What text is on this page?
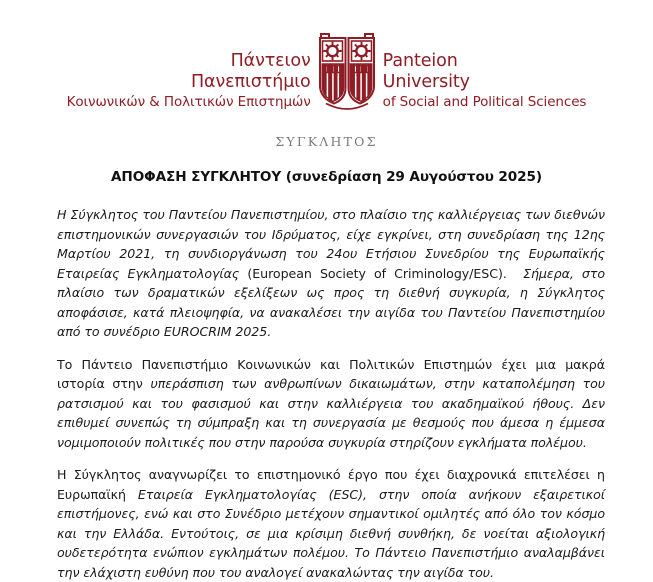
Πάντειον
Πανεπιστήμιο
Κοινωνικών & Πολιτικών Επιστημών
Panteion
University
of Social and Political Sciences
ΣΥΓΚΛΗΤΟΣ
ΑΠΟΦΑΣΗ ΣΥΓΚΛΗΤΟΥ (συνεδρίαση 29 Αυγούστου 2025)

Η Σύγκλητος του Παντείου Πανεπιστημίου, στο πλαίσιο της καλλιέργειας των διεθνών επιστημονικών συνεργασιών του Ιδρύματος, είχε εγκρίνει, στη συνεδρίαση της 12ης Μαρτίου 2021, τη συνδιοργάνωση του 24ου Ετήσιου Συνεδρίου της Ευρωπαϊκής Εταιρείας Εγκληματολογίας (European Society of Criminology/ESC). Σήμερα, στο πλαίσιο των δραματικών εξελίξεων ως προς τη διεθνή συγκυρία, η Σύγκλητος αποφάσισε, κατά πλειοψηφία, να ανακαλέσει την αιγίδα του Παντείου Πανεπιστημίου από το συνέδριο EUROCRIM 2025.

Το Πάντειο Πανεπιστήμιο Κοινωνικών και Πολιτικών Επιστημών έχει μια μακρά ιστορία στην υπεράσπιση των ανθρωπίνων δικαιωμάτων, στην καταπολέμηση του ρατσισμού και του φασισμού και στην καλλιέργεια του ακαδημαϊκού ήθους. Δεν επιθυμεί συνεπώς τη σύμπραξη και τη συνεργασία με θεσμούς που άμεσα η έμμεσα νομιμοποιούν πολιτικές που στην παρούσα συγκυρία στηρίζουν εγκλήματα πολέμου.

Η Σύγκλητος αναγνωρίζει το επιστημονικό έργο που έχει διαχρονικά επιτελέσει η Ευρωπαϊκή Εταιρεία Εγκληματολογίας (ESC), στην οποία ανήκουν εξαιρετικοί επιστήμονες, ενώ και στο Συνέδριο μετέχουν σημαντικοί ομιλητές από όλο τον κόσμο και την Ελλάδα. Εντούτοις, σε μια κρίσιμη διεθνή συνθήκη, δε νοείται αξιολογική ουδετερότητα ενώπιον εγκλημάτων πολέμου. Το Πάντειο Πανεπιστήμιο αναλαμβάνει την ελάχιστη ευθύνη που του αναλογεί ανακαλώντας την αιγίδα του.
